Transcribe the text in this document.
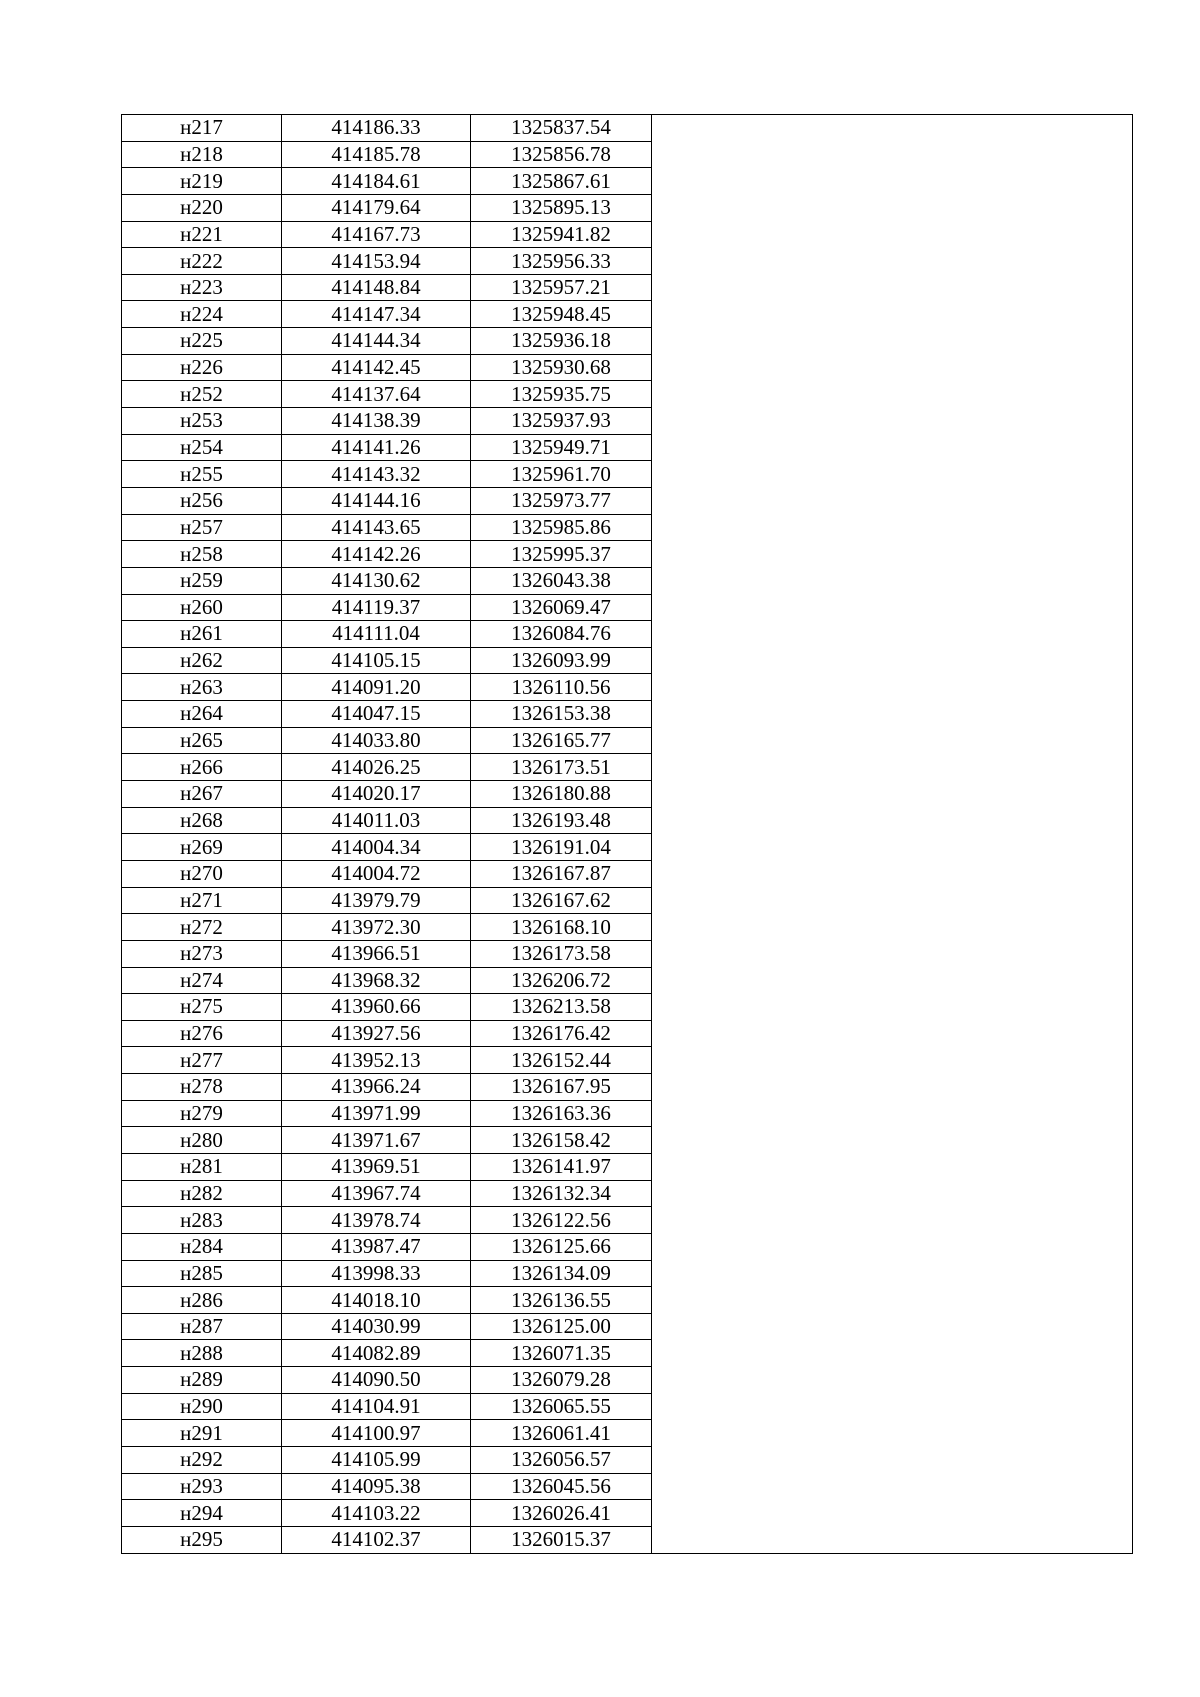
н217	414186.33	1325837.54	
н218	414185.78	1325856.78	
н219	414184.61	1325867.61	
н220	414179.64	1325895.13	
н221	414167.73	1325941.82	
н222	414153.94	1325956.33	
н223	414148.84	1325957.21	
н224	414147.34	1325948.45	
н225	414144.34	1325936.18	
н226	414142.45	1325930.68	
н252	414137.64	1325935.75	
н253	414138.39	1325937.93	
н254	414141.26	1325949.71	
н255	414143.32	1325961.70	
н256	414144.16	1325973.77	
н257	414143.65	1325985.86	
н258	414142.26	1325995.37	
н259	414130.62	1326043.38	
н260	414119.37	1326069.47	
н261	414111.04	1326084.76	
н262	414105.15	1326093.99	
н263	414091.20	1326110.56	
н264	414047.15	1326153.38	
н265	414033.80	1326165.77	
н266	414026.25	1326173.51	
н267	414020.17	1326180.88	
н268	414011.03	1326193.48	
н269	414004.34	1326191.04	
н270	414004.72	1326167.87	
н271	413979.79	1326167.62	
н272	413972.30	1326168.10	
н273	413966.51	1326173.58	
н274	413968.32	1326206.72	
н275	413960.66	1326213.58	
н276	413927.56	1326176.42	
н277	413952.13	1326152.44	
н278	413966.24	1326167.95	
н279	413971.99	1326163.36	
н280	413971.67	1326158.42	
н281	413969.51	1326141.97	
н282	413967.74	1326132.34	
н283	413978.74	1326122.56	
н284	413987.47	1326125.66	
н285	413998.33	1326134.09	
н286	414018.10	1326136.55	
н287	414030.99	1326125.00	
н288	414082.89	1326071.35	
н289	414090.50	1326079.28	
н290	414104.91	1326065.55	
н291	414100.97	1326061.41	
н292	414105.99	1326056.57	
н293	414095.38	1326045.56	
н294	414103.22	1326026.41	
н295	414102.37	1326015.37	
